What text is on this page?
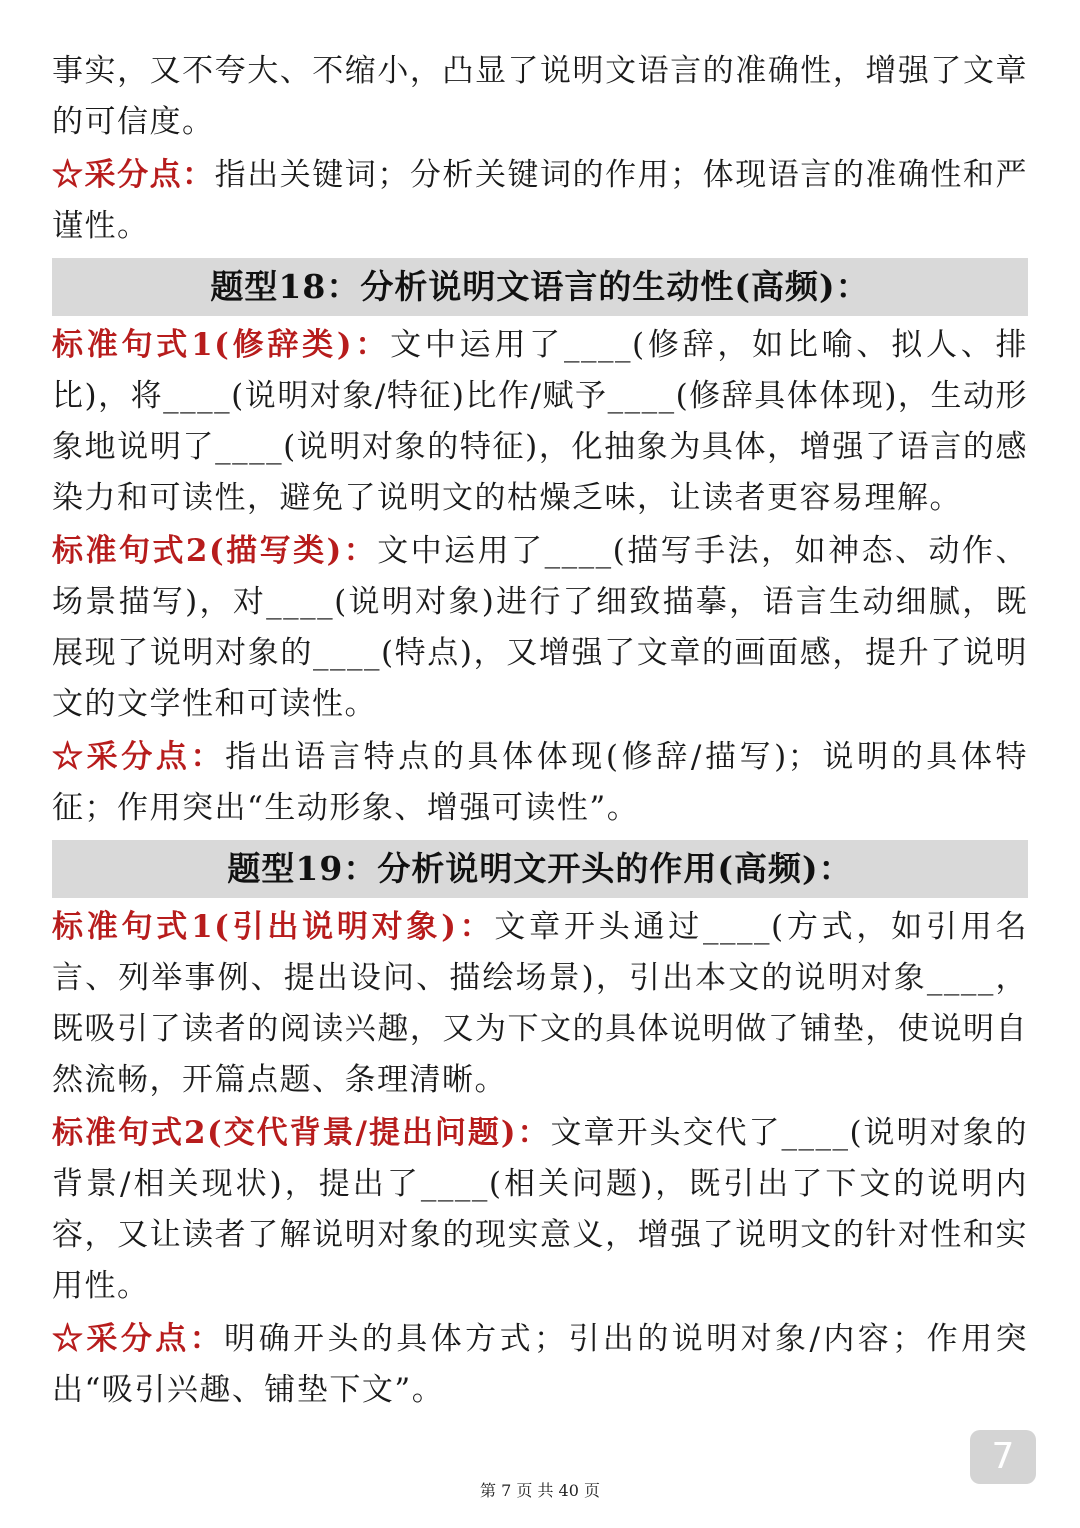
事实，又不夸大、不缩小，凸显了说明文语言的准确性，增强了文章的可信度。

☆采分点：指出关键词；分析关键词的作用；体现语言的准确性和严谨性。

题型18：分析说明文语言的生动性(高频)：

标准句式1(修辞类)：文中运用了____(修辞，如比喻、拟人、排比)，将____(说明对象/特征)比作/赋予____(修辞具体体现)，生动形象地说明了____(说明对象的特征)，化抽象为具体，增强了语言的感染力和可读性，避免了说明文的枯燥乏味，让读者更容易理解。

标准句式2(描写类)：文中运用了____(描写手法，如神态、动作、场景描写)，对____(说明对象)进行了细致描摹，语言生动细腻，既展现了说明对象的____(特点)，又增强了文章的画面感，提升了说明文的文学性和可读性。

☆采分点：指出语言特点的具体体现(修辞/描写)；说明的具体特征；作用突出“生动形象、增强可读性”。

题型19：分析说明文开头的作用(高频)：

标准句式1(引出说明对象)：文章开头通过____(方式，如引用名言、列举事例、提出设问、描绘场景)，引出本文的说明对象____，既吸引了读者的阅读兴趣，又为下文的具体说明做了铺垫，使说明自然流畅，开篇点题、条理清晰。

标准句式2(交代背景/提出问题)：文章开头交代了____(说明对象的背景/相关现状)，提出了____(相关问题)，既引出了下文的说明内容，又让读者了解说明对象的现实意义，增强了说明文的针对性和实用性。

☆采分点：明确开头的具体方式；引出的说明对象/内容；作用突出“吸引兴趣、铺垫下文”。

7
第 7 页 共 40 页
